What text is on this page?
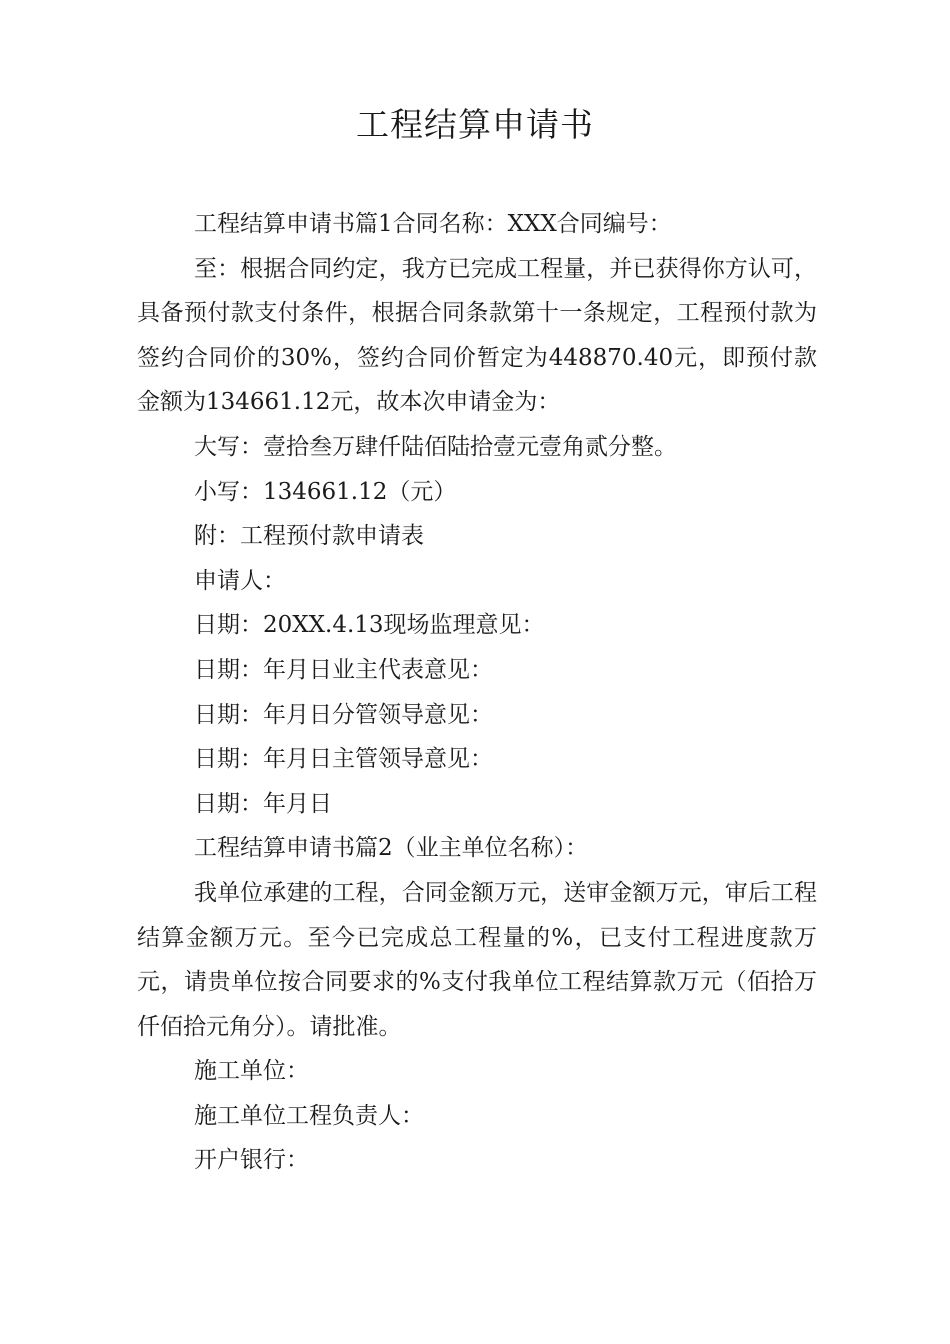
工程结算申请书

工程结算申请书篇1合同名称：XXX合同编号：

至：根据合同约定，我方已完成工程量，并已获得你方认可，具备预付款支付条件，根据合同条款第十一条规定，工程预付款为签约合同价的30%，签约合同价暂定为448870.40元，即预付款金额为134661.12元，故本次申请金为：

大写：壹拾叁万肆仟陆佰陆拾壹元壹角贰分整。

小写：134661.12（元）

附：工程预付款申请表

申请人：

日期：20XX.4.13现场监理意见：

日期：年月日业主代表意见：

日期：年月日分管领导意见：

日期：年月日主管领导意见：

日期：年月日

工程结算申请书篇2（业主单位名称）：

我单位承建的工程，合同金额万元，送审金额万元，审后工程结算金额万元。至今已完成总工程量的%，已支付工程进度款万元，请贵单位按合同要求的%支付我单位工程结算款万元（佰拾万仟佰拾元角分）。请批准。

施工单位：

施工单位工程负责人：

开户银行：
